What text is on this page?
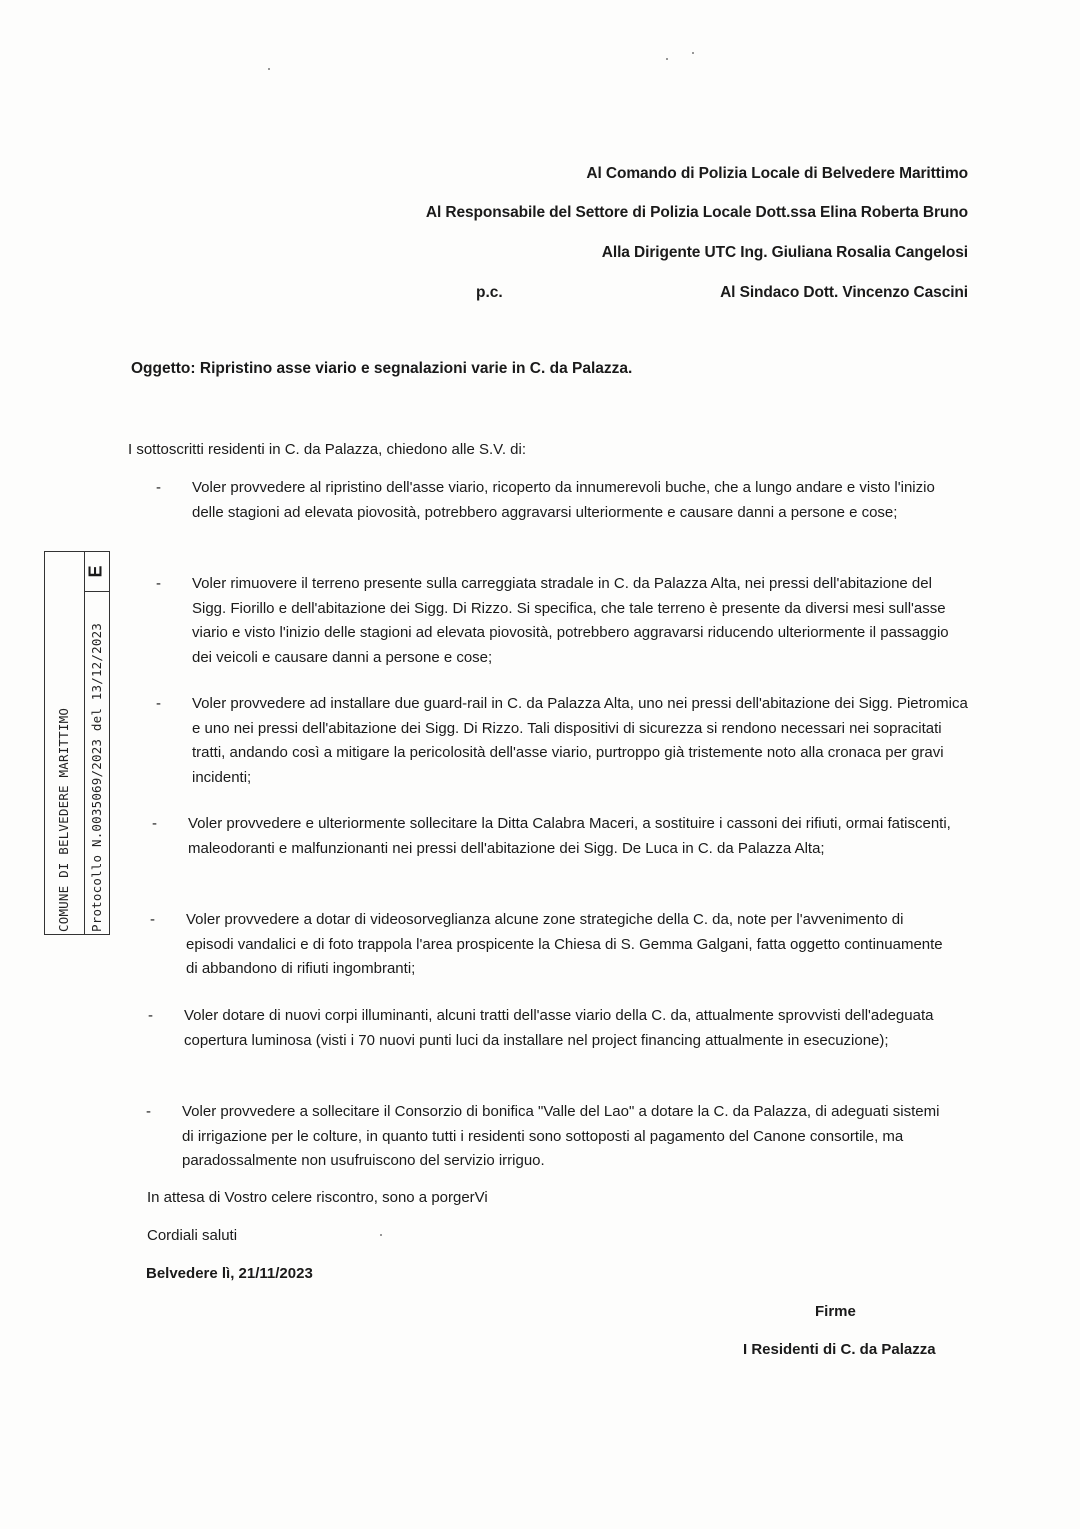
Al Comando di Polizia Locale di Belvedere Marittimo
Al Responsabile del Settore di Polizia Locale Dott.ssa Elina Roberta Bruno
Alla Dirigente UTC Ing. Giuliana Rosalia Cangelosi
p.c.	Al Sindaco Dott. Vincenzo Cascini
Oggetto: Ripristino asse viario e segnalazioni varie in C. da Palazza.
I sottoscritti residenti in C. da Palazza, chiedono alle S.V. di:
-	Voler provvedere al ripristino dell'asse viario, ricoperto da innumerevoli buche, che a lungo andare e visto l'inizio delle stagioni ad elevata piovosità, potrebbero aggravarsi ulteriormente e causare danni a persone e cose;
-	Voler rimuovere il terreno presente sulla carreggiata stradale in C. da Palazza Alta, nei pressi dell'abitazione del Sigg. Fiorillo e dell'abitazione dei Sigg. Di Rizzo. Si specifica, che tale terreno è presente da diversi mesi sull'asse viario e visto l'inizio delle stagioni ad elevata piovosità, potrebbero aggravarsi riducendo ulteriormente il passaggio dei veicoli e causare danni a persone e cose;
-	Voler provvedere ad installare due guard-rail in C. da Palazza Alta, uno nei pressi dell'abitazione dei Sigg. Pietromica e uno nei pressi dell'abitazione dei Sigg. Di Rizzo. Tali dispositivi di sicurezza si rendono necessari nei sopracitati tratti, andando così a mitigare la pericolosità dell'asse viario, purtroppo già tristemente noto alla cronaca per gravi incidenti;
-	Voler provvedere e ulteriormente sollecitare la Ditta Calabra Maceri, a sostituire i cassoni dei rifiuti, ormai fatiscenti, maleodoranti e malfunzionanti nei pressi dell'abitazione dei Sigg. De Luca in C. da Palazza Alta;
-	Voler provvedere a dotar di videosorveglianza alcune zone strategiche della C. da, note per l'avvenimento di episodi vandalici e di foto trappola l'area prospicente la Chiesa di S. Gemma Galgani, fatta oggetto continuamente di abbandono di rifiuti ingombranti;
-	Voler dotare di nuovi corpi illuminanti, alcuni tratti dell'asse viario della C. da, attualmente sprovvisti dell'adeguata copertura luminosa (visti i 70 nuovi punti luci da installare nel project financing attualmente in esecuzione);
-	Voler provvedere a sollecitare il Consorzio di bonifica "Valle del Lao" a dotare la C. da Palazza, di adeguati sistemi di irrigazione per le colture, in quanto tutti i residenti sono sottoposti al pagamento del Canone consortile, ma paradossalmente non usufruiscono del servizio irriguo.
In attesa di Vostro celere riscontro, sono a porgerVi
Cordiali saluti
Belvedere lì, 21/11/2023
Firme
I Residenti di C. da Palazza
E
COMUNE DI BELVEDERE MARITTIMO Protocollo N.0035069/2023 del 13/12/2023
